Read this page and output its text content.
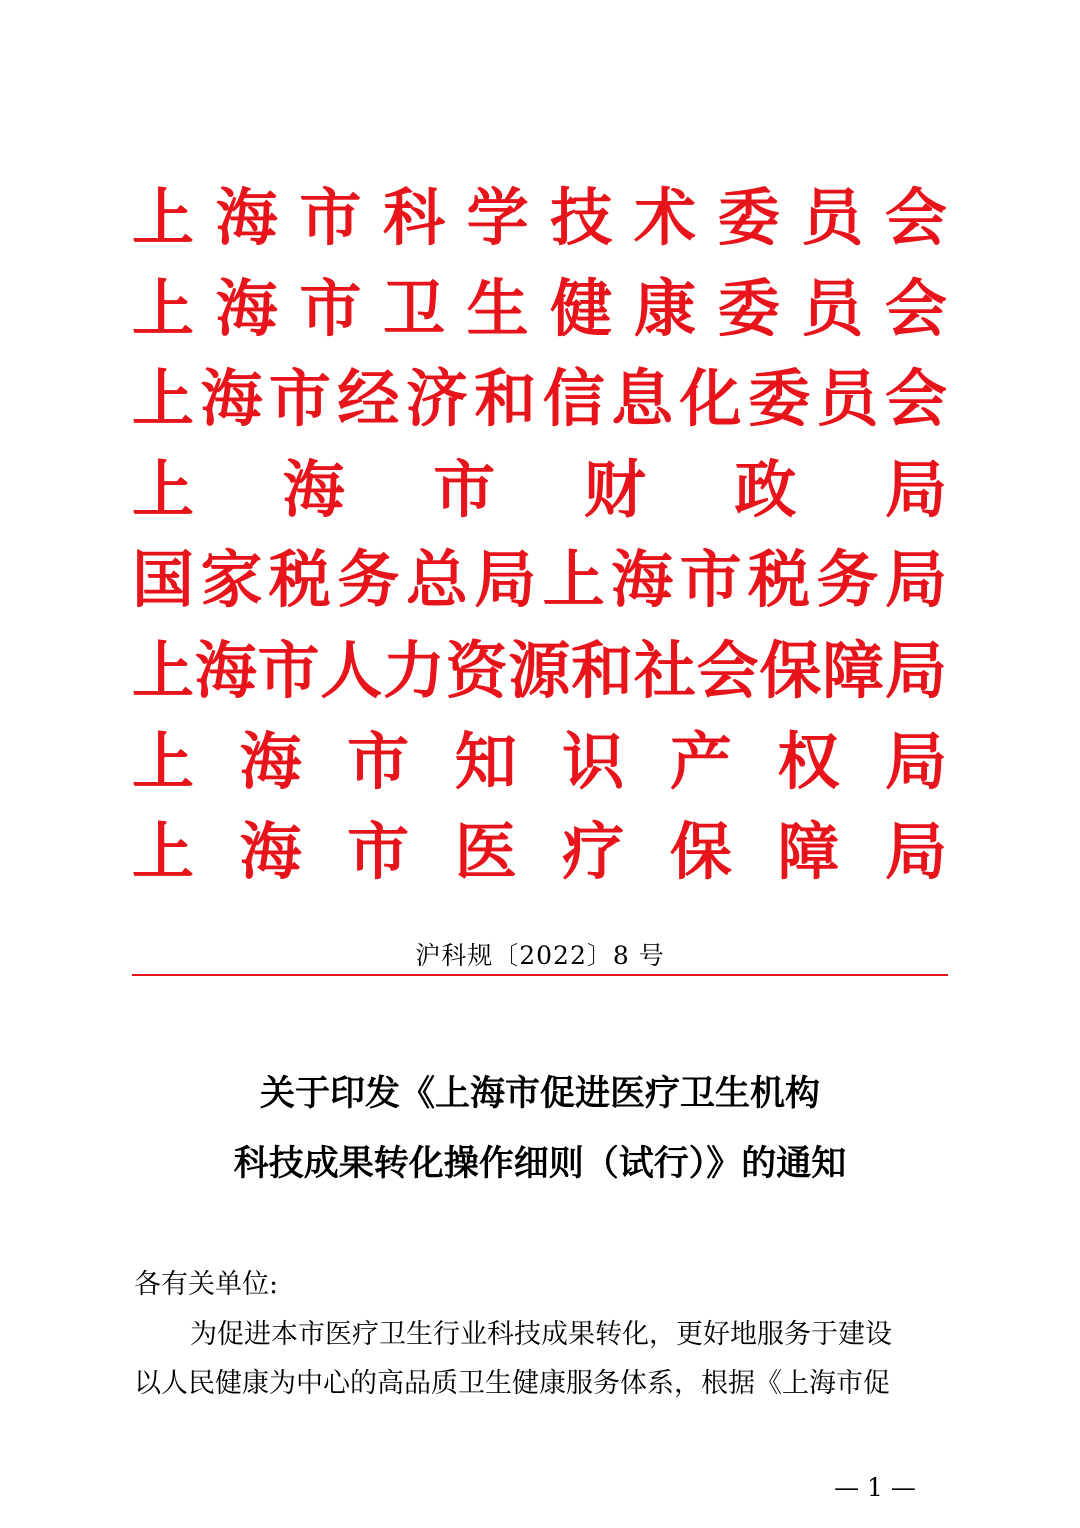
上 海 市 科 学 技 术 委 员 会
上 海 市 卫 生 健 康 委 员 会
上 海 市 经 济 和 信 息 化 委 员 会
上 海 市 财 政 局
国 家 税 务 总 局 上 海 市 税 务 局
上 海 市 人 力 资 源 和 社 会 保 障 局
上 海 市 知 识 产 权 局
上 海 市 医 疗 保 障 局
沪科规〔2022〕8 号
关于印发《上海市促进医疗卫生机构
科技成果转化操作细则（试行）》的通知
各有关单位:
为促进本市医疗卫生行业科技成果转化，更好地服务于建设
以人民健康为中心的高品质卫生健康服务体系，根据《上海市促
— 1 —
